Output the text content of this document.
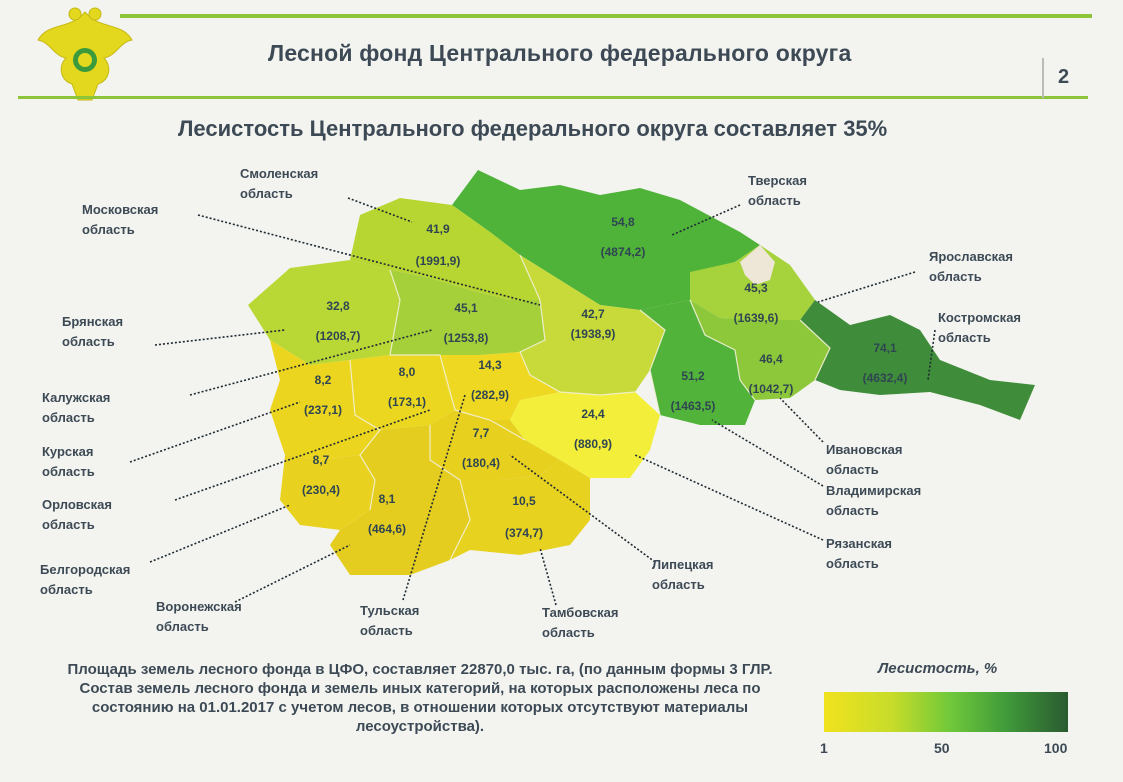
Лесной фонд Центрального федерального округа
2
Лесистость Центрального федерального округа составляет 35%
41,9
(1991,9)
54,8
(4874,2)
32,8
(1208,7)
45,1
(1253,8)
42,7
(1938,9)
45,3
(1639,6)
46,4
(1042,7)
74,1
(4632,4)
51,2
(1463,5)
8,2
(237,1)
8,0
(173,1)
14,3
(282,9)
24,4
(880,9)
7,7
(180,4)
8,7
(230,4)
8,1
(464,6)
10,5
(374,7)
Смоленская область
Тверская область
Московская область
Ярославская область
Брянская область
Костромская область
Калужская область
Курская область
Ивановская область
Владимирская область
Орловская область
Рязанская область
Липецкая область
Белгородская область
Воронежская область
Тульская область
Тамбовская область
Площадь земель лесного фонда в ЦФО, составляет 22870,0 тыс. га, (по данным формы 3 ГЛР. Состав земель лесного фонда и земель иных категорий, на которых расположены леса по состоянию на 01.01.2017 с учетом лесов, в отношении которых отсутствуют материалы лесоустройства).
Лесистость, %
1	50	100
